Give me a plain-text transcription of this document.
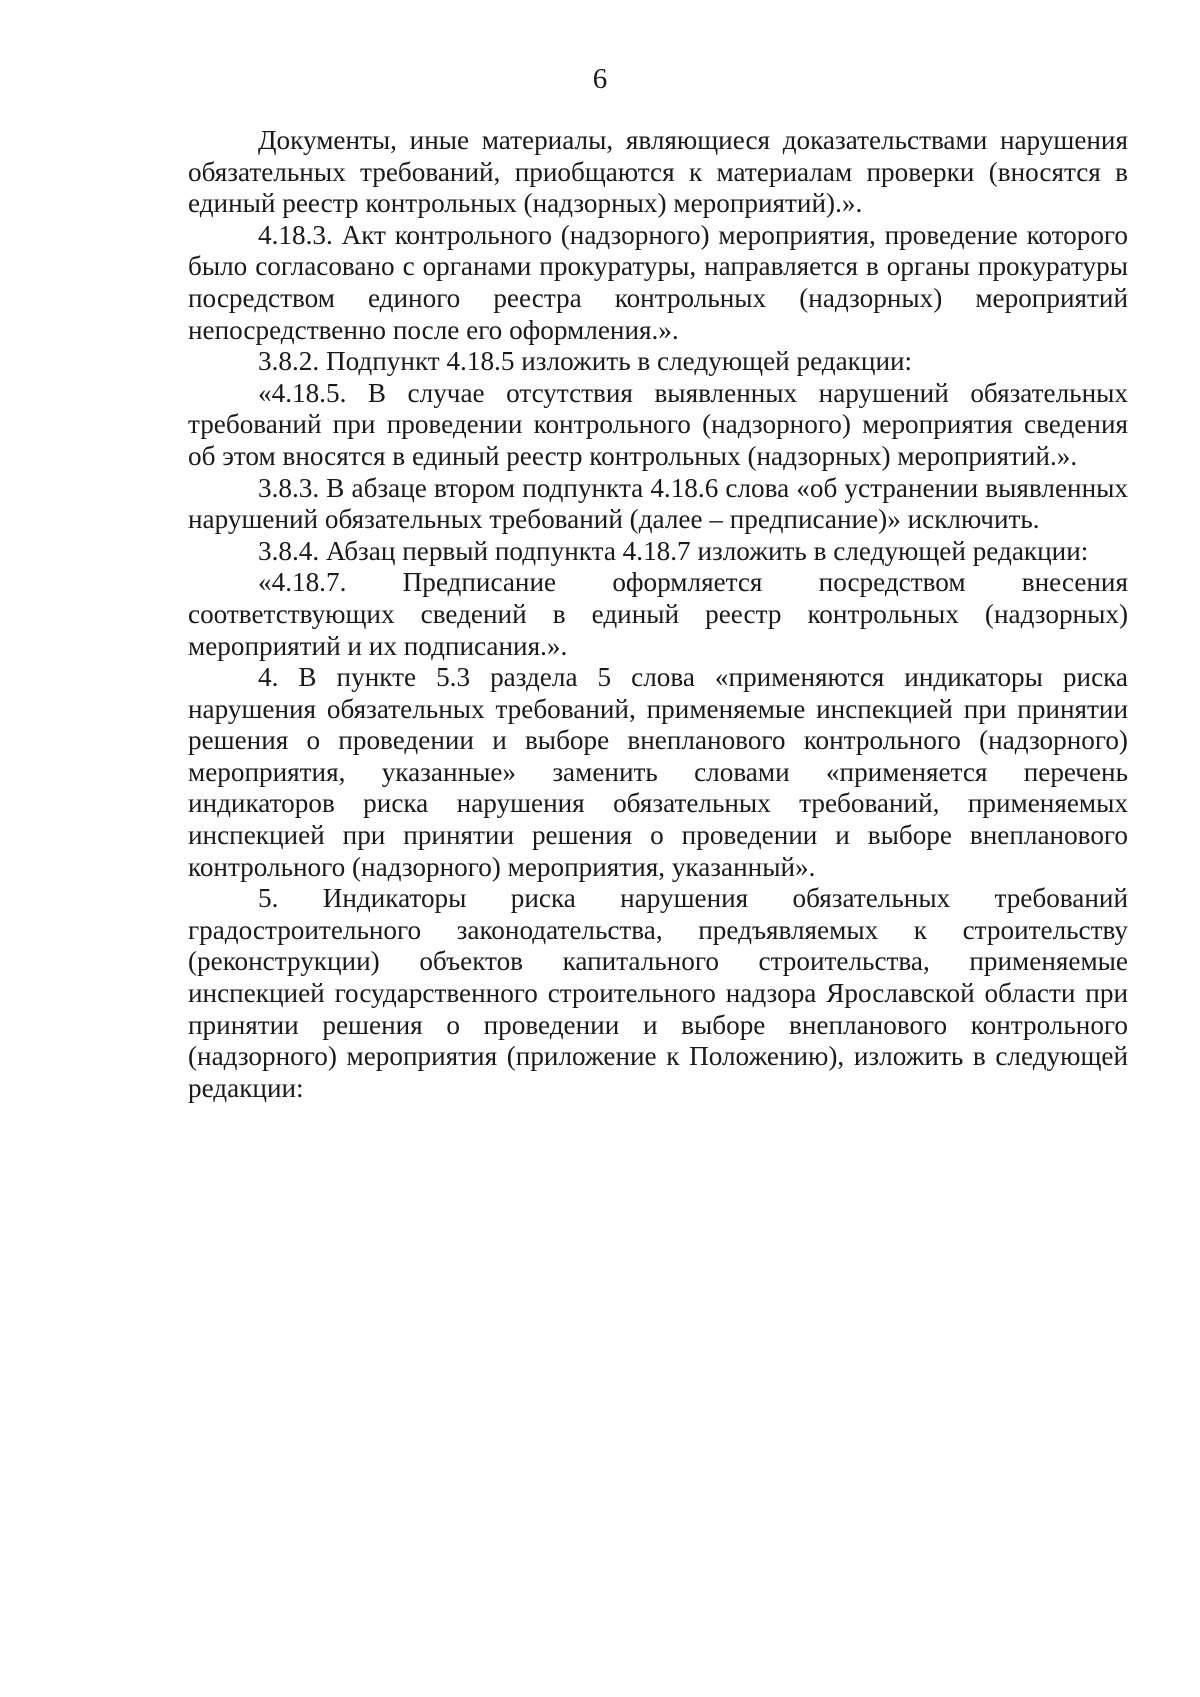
6

Документы, иные материалы, являющиеся доказательствами нарушения обязательных требований, приобщаются к материалам проверки (вносятся в единый реестр контрольных (надзорных) мероприятий).».

4.18.3. Акт контрольного (надзорного) мероприятия, проведение которого было согласовано с органами прокуратуры, направляется в органы прокуратуры посредством единого реестра контрольных (надзорных) мероприятий непосредственно после его оформления.».

3.8.2. Подпункт 4.18.5 изложить в следующей редакции:

«4.18.5. В случае отсутствия выявленных нарушений обязательных требований при проведении контрольного (надзорного) мероприятия сведения об этом вносятся в единый реестр контрольных (надзорных) мероприятий.».

3.8.3. В абзаце втором подпункта 4.18.6 слова «об устранении выявленных нарушений обязательных требований (далее – предписание)» исключить.

3.8.4. Абзац первый подпункта 4.18.7 изложить в следующей редакции:

«4.18.7. Предписание оформляется посредством внесения соответствующих сведений в единый реестр контрольных (надзорных) мероприятий и их подписания.».

4. В пункте 5.3 раздела 5 слова «применяются индикаторы риска нарушения обязательных требований, применяемые инспекцией при принятии решения о проведении и выборе внепланового контрольного (надзорного) мероприятия, указанные» заменить словами «применяется перечень индикаторов риска нарушения обязательных требований, применяемых инспекцией при принятии решения о проведении и выборе внепланового контрольного (надзорного) мероприятия, указанный».

5. Индикаторы риска нарушения обязательных требований градостроительного законодательства, предъявляемых к строительству (реконструкции) объектов капитального строительства, применяемые инспекцией государственного строительного надзора Ярославской области при принятии решения о проведении и выборе внепланового контрольного (надзорного) мероприятия (приложение к Положению), изложить в следующей редакции:
